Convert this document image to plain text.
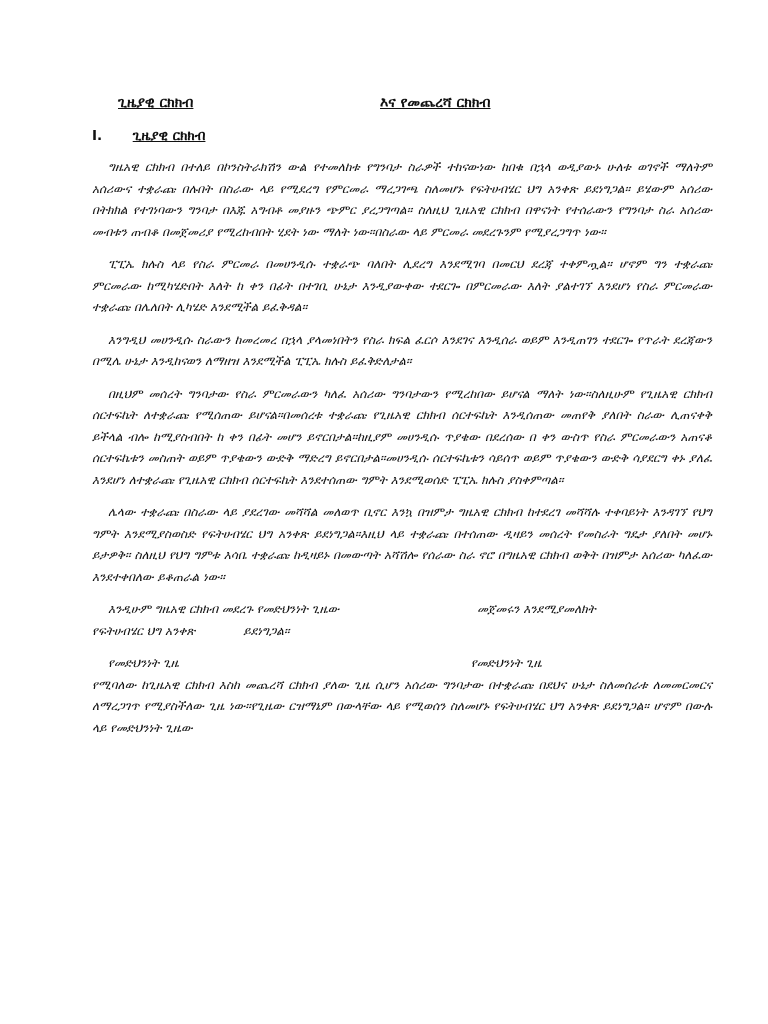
ጊዜያዊ ርክክብ	እና የመጨረሻ ርክክብ
I. ጊዜያዊ ርክክብ

ግዜአዊ ርክክብ በተለይ በኮንስትራክሽን ውል የተመለከቱ የግንባታ ስራዎች ተከናውነው ከበቁ በኋላ ወዲያውኑ ሁለቱ ወገኖች ማለትም አሰሪውና ተቋራጩ በሉበት በስራው ላይ የሚደረግ የምርመራ ማረጋገጫ ስለመሆኑ የፍትሀብሄር ህግ አንቀጽ ይደነግጋል። ይሄውም አሰሪው በትክክል የተገነባውን ግንባታ በእጁ አግብቶ መያዙን ጭምር ያረጋግጣል። ስለዚህ ጊዜአዊ ርክክብ በዋናነት የተሰራውን የግንባታ ስራ አሰሪው መብቱን ጠብቆ በመጀመሪያ የሚረከብበት ሂደት ነው ማለት ነው።በስራው ላይ ምርመራ መደረጉንም የሚያረጋግጥ ነው።

ፒፒኤ ክሉስ ላይ የስራ ምርመራ በመሀንዲሱ ተቋራጭ ባለበት ሊደረግ እንደሚገባ በመርህ ደረጃ ተቀምጧል። ሆኖም ግን ተቋራጩ ምርመራው ከሚካሄድበት እለት ከ ቀን በፊት በተገቢ ሁኔታ እንዲያውቀው ተደርጐ በምርመራው እለት ያልተገኘ እንደሆነ የስራ ምርመራው ተቋራጩ በሌለበት ሊካሄድ እንደሚችል ይፈቅዳል።

እንግዲህ መሀንዲሱ ስራውን ከመረመረ በኋላ ያላመነበትን የስራ ክፍል ፈርሶ እንደገና እንዲሰራ ወይም እንዲጠገን ተደርጐ የጥራት ደረጃውን በሚሌ ሁኔታ እንዲከናወን ለማዘዝ እንደሚችል ፒፒኤ ክሉስ ይፈቅድለታል።

በዚህም መሰረት ግንባታው የስራ ምርመራውን ካለፈ አሰሪው ግንባታውን የሚረከበው ይሆናል ማለት ነው።ስለዚሁም የጊዜአዊ ርክክብ ሰርተፍኬት ለተቋራጩ የሚሰጠው ይሆናል።በመሰረቱ ተቋራጩ የጊዜአዊ ርክክብ ሰርተፍኬት እንዲሰጠው መጠየቅ ያለበት ስራው ሊጠናቀቅ ይችላል ብሎ ከሚያስብበት ከ ቀን በፊት መሆን ይኖርበታል።ከዚያም መሀንዲሱ ጥያቄው በደረሰው በ ቀን ውስጥ የስራ ምርመራውን አጠናቆ ሰርተፍኬቱን መስጠት ወይም ጥያቄውን ውድቅ ማድረግ ይኖርበታል።መሀንዲሱ ሰርተፍኬቱን ሳይሰጥ ወይም ጥያቄውን ውድቅ ሳያደርግ ቀኑ ያለፈ እንደሆነ ለተቋራጩ የጊዜአዊ ርክክብ ሰርተፍኬት እንደተሰጠው ግምት እንደሚወሰድ ፒፒኤ ክሉስ ያስቀምጣል።

ሌላው ተቋራጩ በስራው ላይ ያደረገው መሻሻል መለወጥ ቢኖር እንኳ በዝምታ ግዜአዊ ርክክብ ከተደረገ መሻሻሉ ተቀባይነት እንዳገኘ የህግ ግምት እንደሚያስወስድ የፍትሀብሄር ህግ አንቀጽ ይደነግጋል።እዚህ ላይ ተቋራጩ በተሰጠው ዲዛይን መሰረት የመስራት ግዴታ ያለበት መሆኑ ይታዎቅ። ስለዚህ የህግ ግምቱ እሳቤ ተቋራጩ ከዲዛይኑ በመውጣት አሻሽሎ የሰራው ስራ ኖሮ በግዜአዊ ርክክብ ወቅት በዝምታ አሰሪው ካለፈው እንደተቀበለው ይቆጠራል ነው።

እንዲሁም ግዜአዊ ርክክብ መደረጉ የመድህንነት ጊዜው	መጀመሩን እንደሚያመለክት
የፍትሀብሄር ህግ አንቀጽ	ይደነግጋል።
የመድህንነት ጊዜ	የመድህንነት ጊዜ

የሚባለው ከጊዜአዊ ርክክብ እስከ መጨረሻ ርክክብ ያለው ጊዜ ሲሆን አሰሪው ግንባታው በተቋራጩ በደህና ሁኔታ ስለመሰራቱ ለመመርመርና ለማረጋገጥ የሚያስችለው ጊዜ ነው።የጊዜው ርዝማኔም በውላቸው ላይ የሚወሰን ስለመሆኑ የፍትሀብሄር ህግ አንቀጽ ይደነግጋል። ሆኖም በውሉ ላይ የመድህንነት ጊዜው
